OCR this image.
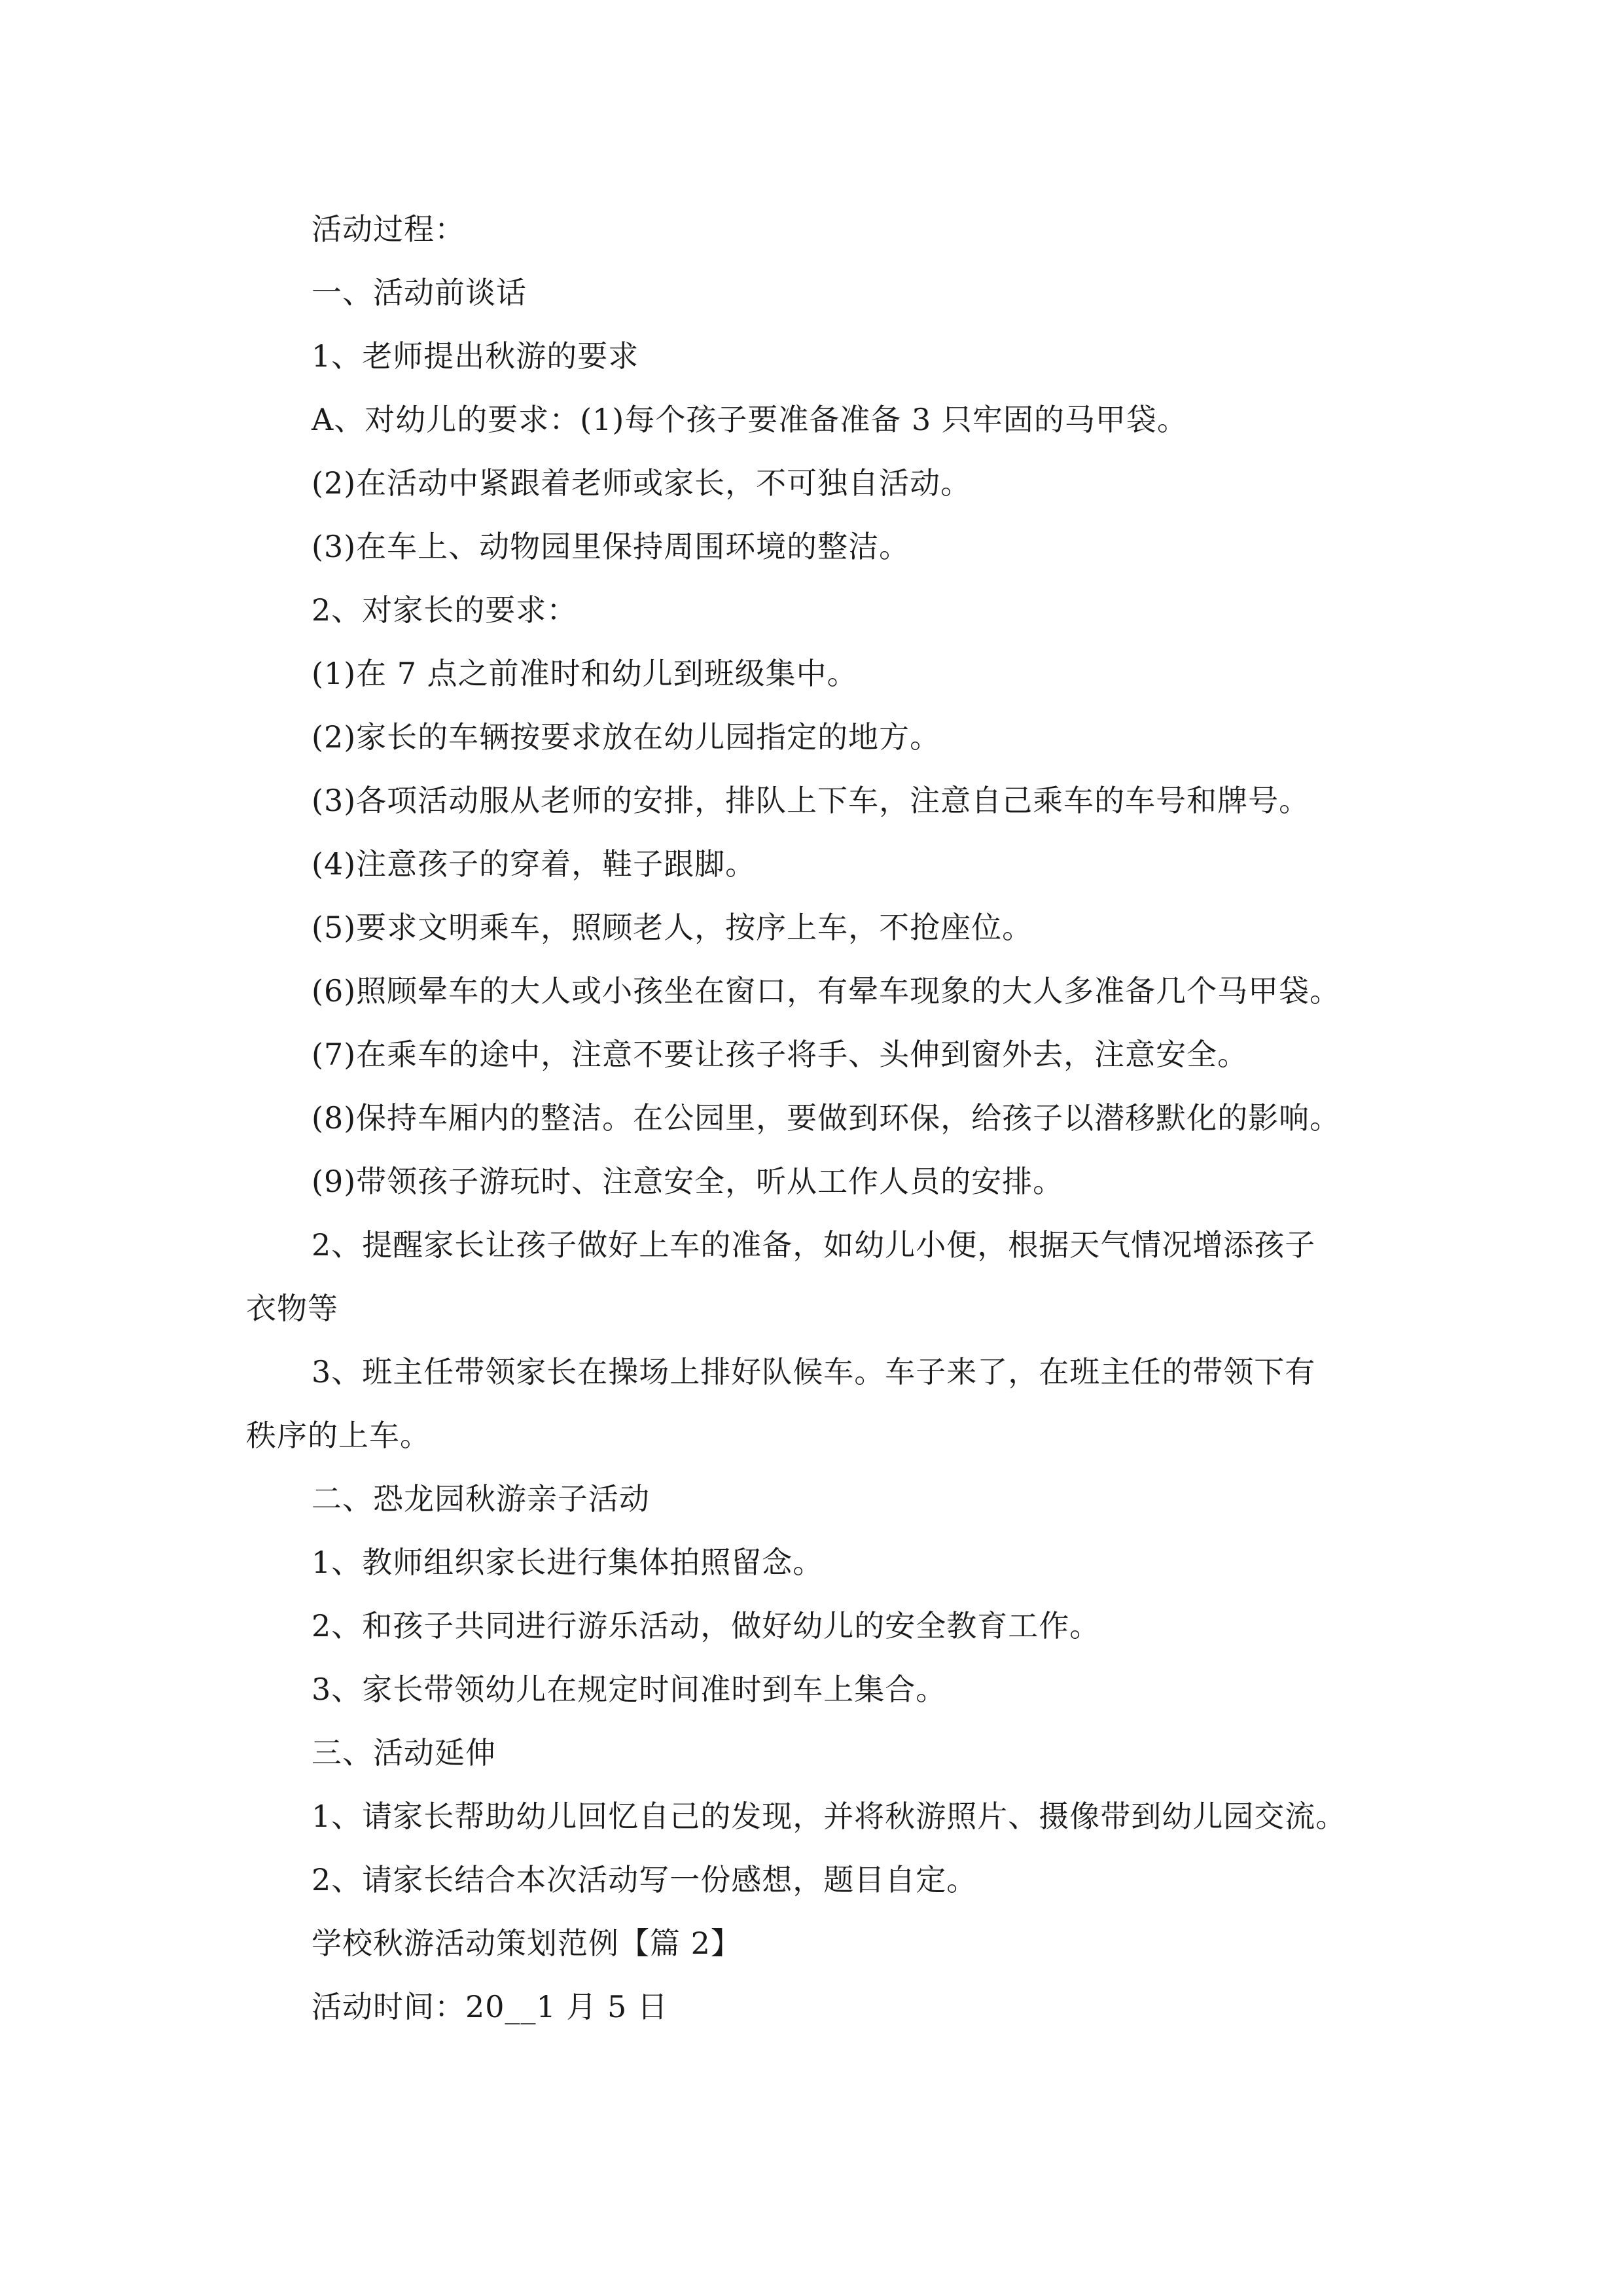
活动过程：
一、活动前谈话
1、老师提出秋游的要求
A、对幼儿的要求：(1)每个孩子要准备准备 3 只牢固的马甲袋。
(2)在活动中紧跟着老师或家长，不可独自活动。
(3)在车上、动物园里保持周围环境的整洁。
2、对家长的要求：
(1)在 7 点之前准时和幼儿到班级集中。
(2)家长的车辆按要求放在幼儿园指定的地方。
(3)各项活动服从老师的安排，排队上下车，注意自己乘车的车号和牌号。
(4)注意孩子的穿着，鞋子跟脚。
(5)要求文明乘车，照顾老人，按序上车，不抢座位。
(6)照顾晕车的大人或小孩坐在窗口，有晕车现象的大人多准备几个马甲袋。
(7)在乘车的途中，注意不要让孩子将手、头伸到窗外去，注意安全。
(8)保持车厢内的整洁。在公园里，要做到环保，给孩子以潜移默化的影响。
(9)带领孩子游玩时、注意安全，听从工作人员的安排。
2、提醒家长让孩子做好上车的准备，如幼儿小便，根据天气情况增添孩子
衣物等
3、班主任带领家长在操场上排好队候车。车子来了，在班主任的带领下有
秩序的上车。
二、恐龙园秋游亲子活动
1、教师组织家长进行集体拍照留念。
2、和孩子共同进行游乐活动，做好幼儿的安全教育工作。
3、家长带领幼儿在规定时间准时到车上集合。
三、活动延伸
1、请家长帮助幼儿回忆自己的发现，并将秋游照片、摄像带到幼儿园交流。
2、请家长结合本次活动写一份感想，题目自定。
学校秋游活动策划范例【篇 2】
活动时间：20__1 月 5 日
